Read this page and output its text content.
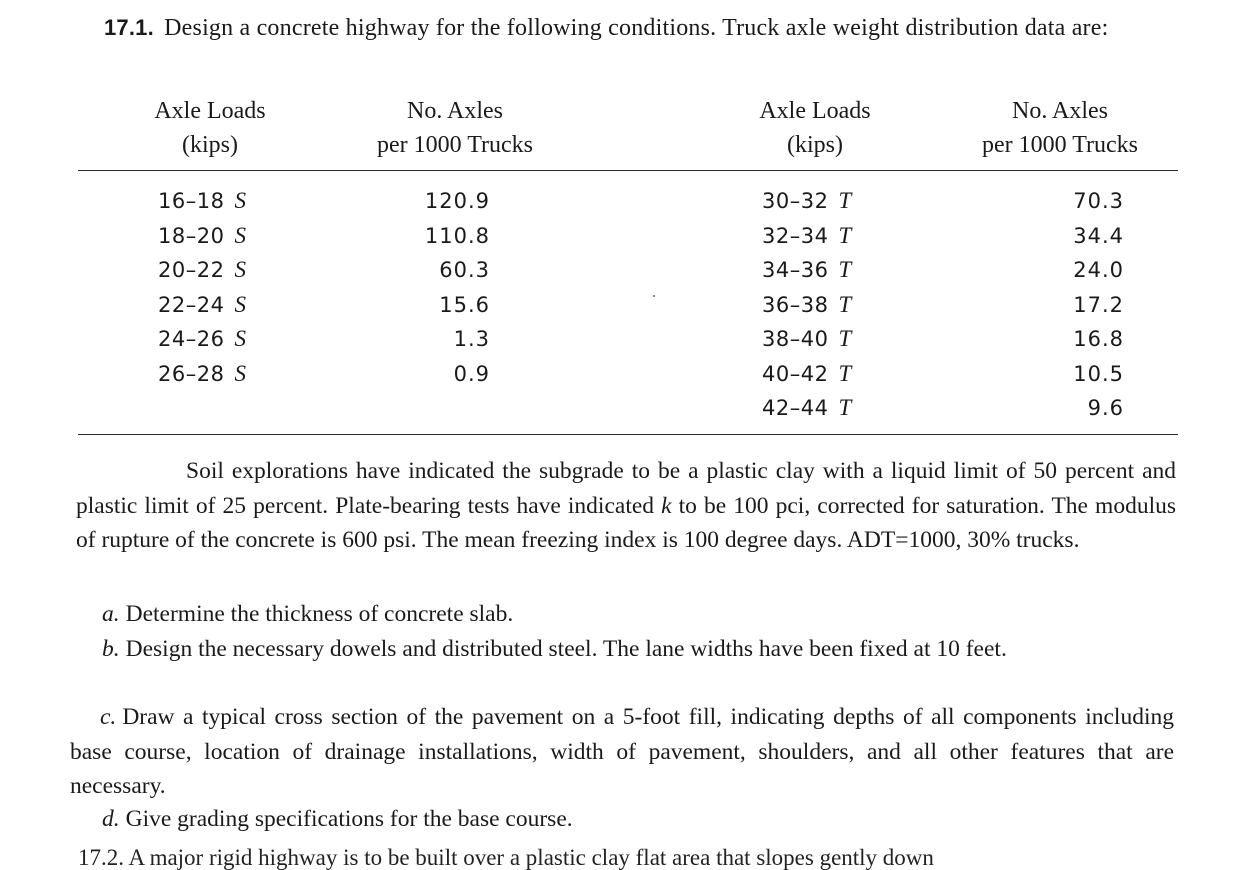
17.1. Design a concrete highway for the following conditions. Truck axle weight distribution data are:
Axle Loads
(kips)
No. Axles
per 1000 Trucks
Axle Loads
(kips)
No. Axles
per 1000 Trucks
16–18 S
18–20 S
20–22 S
22–24 S
24–26 S
26–28 S
120.9
110.8
60.3
15.6
1.3
0.9
30–32 T
32–34 T
34–36 T
36–38 T
38–40 T
40–42 T
42–44 T
70.3
34.4
24.0
17.2
16.8
10.5
9.6
Soil explorations have indicated the subgrade to be a plastic clay with a liquid limit of 50 percent and plastic limit of 25 percent. Plate-bearing tests have indicated k to be 100 pci, corrected for saturation. The modulus of rupture of the concrete is 600 psi. The mean freezing index is 100 degree days. ADT=1000, 30% trucks.
a. Determine the thickness of concrete slab.
b. Design the necessary dowels and distributed steel. The lane widths have been fixed at 10 feet.
c. Draw a typical cross section of the pavement on a 5-foot fill, indicating depths of all components including base course, location of drainage installations, width of pavement, shoulders, and all other features that are necessary.
d. Give grading specifications for the base course.
17.2. A major rigid highway is to be built over a plastic clay flat area that slopes gently down
